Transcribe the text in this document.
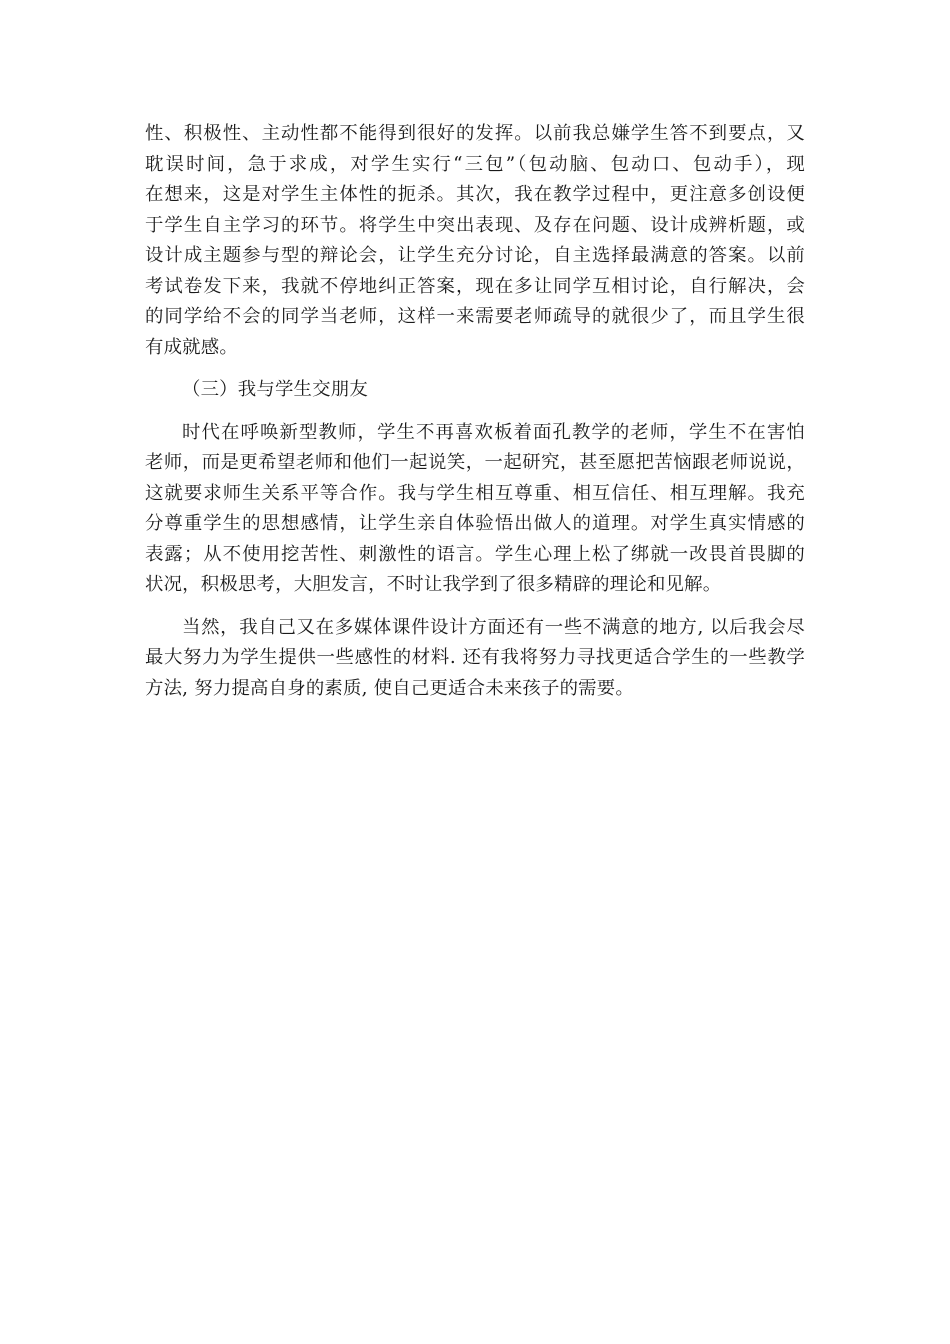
性、积极性、主动性都不能得到很好的发挥。以前我总嫌学生答不到要点，又
耽误时间，急于求成，对学生实行“三包”（包动脑、包动口、包动手），现
在想来，这是对学生主体性的扼杀。其次，我在教学过程中，更注意多创设便
于学生自主学习的环节。将学生中突出表现、及存在问题、设计成辨析题，或
设计成主题参与型的辩论会，让学生充分讨论，自主选择最满意的答案。以前
考试卷发下来，我就不停地纠正答案，现在多让同学互相讨论，自行解决，会
的同学给不会的同学当老师，这样一来需要老师疏导的就很少了，而且学生很
有成就感。

（三）我与学生交朋友

时代在呼唤新型教师，学生不再喜欢板着面孔教学的老师，学生不在害怕
老师，而是更希望老师和他们一起说笑，一起研究，甚至愿把苦恼跟老师说说，
这就要求师生关系平等合作。我与学生相互尊重、相互信任、相互理解。我充
分尊重学生的思想感情，让学生亲自体验悟出做人的道理。对学生真实情感的
表露；从不使用挖苦性、刺激性的语言。学生心理上松了绑就一改畏首畏脚的
状况，积极思考，大胆发言，不时让我学到了很多精辟的理论和见解。

当然，我自己又在多媒体课件设计方面还有一些不满意的地方, 以后我会尽
最大努力为学生提供一些感性的材料. 还有我将努力寻找更适合学生的一些教学
方法, 努力提高自身的素质, 使自己更适合未来孩子的需要。
